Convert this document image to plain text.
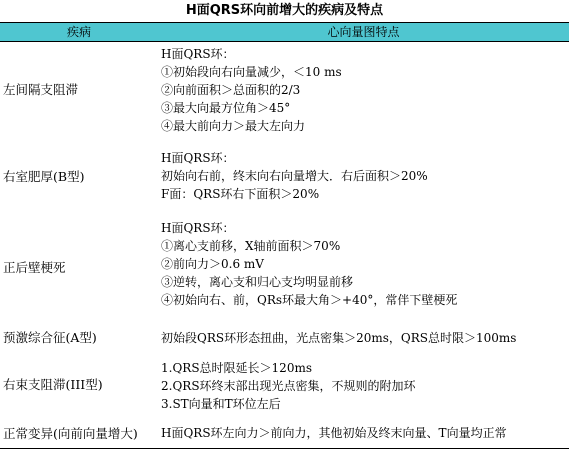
H面QRS环向前增大的疾病及特点
疾病	心向量图特点
左间隔支阻滞
H面QRS环：
①初始段向右向量减少，＜10 ms
②向前面积＞总面积的2/3
③最大向最方位角＞45°
④最大前向力＞最大左向力
右室肥厚(B型)
H面QRS环：
初始向右前，终末向右向量增大．右后面积＞20%
F面：QRS环右下面积＞20%
正后壁梗死
H面QRS环：
①离心支前移，X轴前面积＞70%
②前向力＞0.6 mV
③逆转，离心支和归心支均明显前移
④初始向右、前，QRs环最大角＞+40°，常伴下壁梗死
预激综合征(A型)	初始段QRS环形态扭曲，光点密集＞20ms，QRS总时限＞100ms
右束支阻滞(III型)
1.QRS总时限延长＞120ms
2.QRS环终末部出现光点密集，不规则的附加环
3.ST向量和T环位左后
正常变异(向前向量增大) H面QRS环左向力＞前向力，其他初始及终末向量、T向量均正常
